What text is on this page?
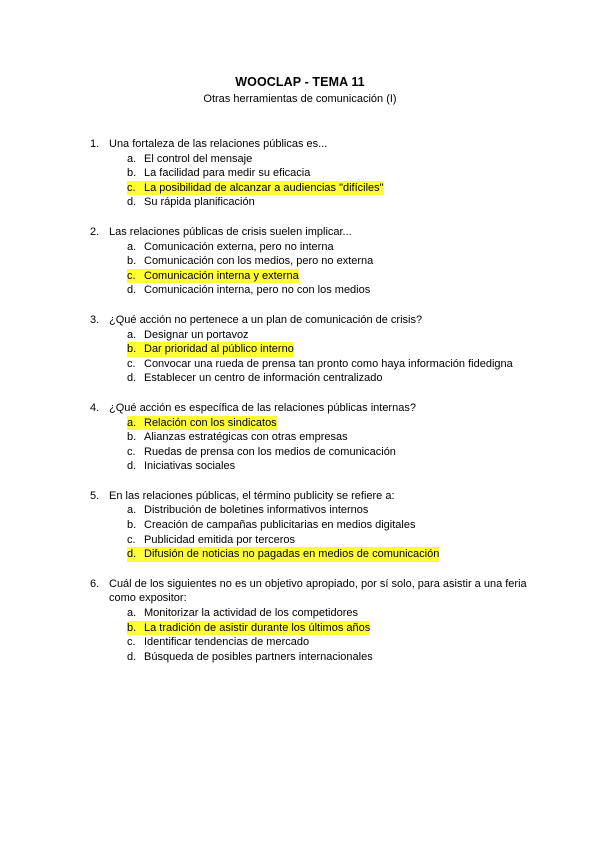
WOOCLAP - TEMA 11
Otras herramientas de comunicación (I)
1. Una fortaleza de las relaciones públicas es...
a. El control del mensaje
b. La facilidad para medir su eficacia
c. La posibilidad de alcanzar a audiencias "difíciles"
d. Su rápida planificación
2. Las relaciones públicas de crisis suelen implicar...
a. Comunicación externa, pero no interna
b. Comunicación con los medios, pero no externa
c. Comunicación interna y externa
d. Comunicación interna, pero no con los medios
3. ¿Qué acción no pertenece a un plan de comunicación de crisis?
a. Designar un portavoz
b. Dar prioridad al público interno
c. Convocar una rueda de prensa tan pronto como haya información fidedigna
d. Establecer un centro de información centralizado
4. ¿Qué acción es específica de las relaciones públicas internas?
a. Relación con los sindicatos
b. Alianzas estratégicas con otras empresas
c. Ruedas de prensa con los medios de comunicación
d. Iniciativas sociales
5. En las relaciones públicas, el término publicity se refiere a:
a. Distribución de boletines informativos internos
b. Creación de campañas publicitarias en medios digitales
c. Publicidad emitida por terceros
d. Difusión de noticias no pagadas en medios de comunicación
6. Cuál de los siguientes no es un objetivo apropiado, por sí solo, para asistir a una feria como expositor:
a. Monitorizar la actividad de los competidores
b. La tradición de asistir durante los últimos años
c. Identificar tendencias de mercado
d. Búsqueda de posibles partners internacionales
